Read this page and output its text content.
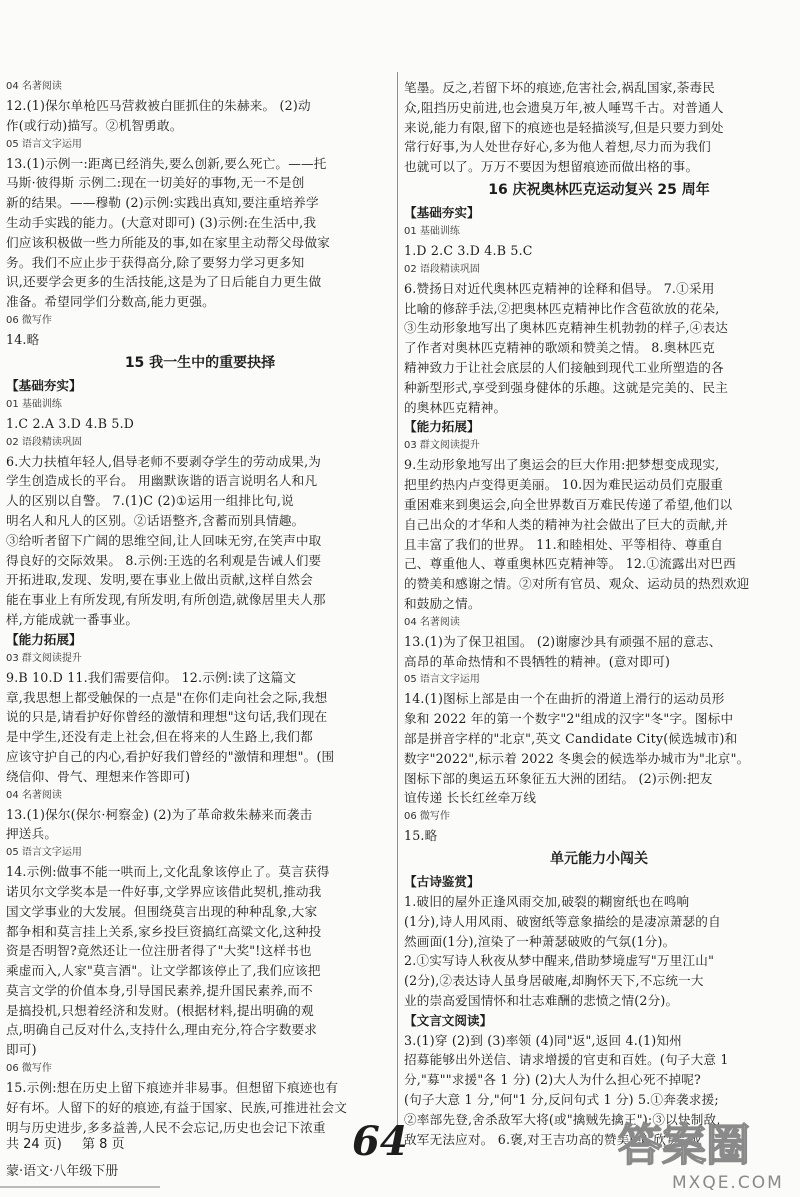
04 名著阅读
12.(1)保尔单枪匹马营救被白匪抓住的朱赫来。 (2)动
作(或行动)描写。②机智勇敢。
05 语言文字运用
13.(1)示例一:距离已经消失,要么创新,要么死亡。——托
马斯·彼得斯 示例二:现在一切美好的事物,无一不是创
新的结果。——穆勒 (2)示例:实践出真知,要注重培养学
生动手实践的能力。(大意对即可) (3)示例:在生活中,我
们应该积极做一些力所能及的事,如在家里主动帮父母做家
务。我们不应止步于获得高分,除了要努力学习更多知
识,还要学会更多的生活技能,这是为了日后能自力更生做
准备。希望同学们分数高,能力更强。
06 微写作
14.略
15 我一生中的重要抉择
【基础夯实】
01 基础训练
1.C 2.A 3.D 4.B 5.D
02 语段精读巩固
6.大力扶植年轻人,倡导老师不要剥夺学生的劳动成果,为
学生创造成长的平台。 用幽默诙谐的语言说明名人和凡
人的区别以自警。 7.(1)C (2)①运用一组排比句,说
明名人和凡人的区别。②话语整齐,含蓄而别具情趣。
③给听者留下广阔的思维空间,让人回味无穷,在笑声中取
得良好的交际效果。 8.示例:王选的名利观是告诫人们要
开拓进取,发现、发明,要在事业上做出贡献,这样自然会
能在事业上有所发现,有所发明,有所创造,就像居里夫人那
样,方能成就一番事业。
【能力拓展】
03 群文阅读提升
9.B 10.D 11.我们需要信仰。 12.示例:读了这篇文
章,我思想上都受触保的一点是"在你们走向社会之际,我想
说的只是,请看护好你曾经的激情和理想"这句话,我们现在
是中学生,还没有走上社会,但在将来的人生路上,我们都
应该守护自己的内心,看护好我们曾经的"激情和理想"。(围
绕信仰、骨气、理想来作答即可)
04 名著阅读
13.(1)保尔(保尔·柯察金) (2)为了革命救朱赫来而袭击
押送兵。
05 语言文字运用
14.示例:做事不能一哄而上,文化乱象该停止了。莫言获得
诺贝尔文学奖本是一件好事,文学界应该借此契机,推动我
国文学事业的大发展。但围绕莫言出现的种种乱象,大家
都争相和莫言挂上关系,家乡投巨资搞红高粱文化,这种投
资是否明智?竟然还让一位注册者得了"大奖"!这样书也
乘虚而入,人家"莫言酒"。让文学都该停止了,我们应该把
莫言文学的价值本身,引导国民素养,提升国民素养,而不
是搞投机,只想着经济和发财。(根据材料,提出明确的观
点,明确自己反对什么,支持什么,理由充分,符合字数要求
即可)
06 微写作
15.示例:想在历史上留下痕迹并非易事。但想留下痕迹也有
好有坏。人留下的好的痕迹,有益于国家、民族,可推进社会文
明与历史进步,多多益善,人民不会忘记,历史也会记下浓重
笔墨。反之,若留下坏的痕迹,危害社会,祸乱国家,荼毒民
众,阻挡历史前进,也会遗臭万年,被人唾骂千古。对普通人
来说,能力有限,留下的痕迹也是轻描淡写,但是只要力到处
常行好事,为人处世存好心,多为他人着想,尽力而为我们
也就可以了。万万不要因为想留痕迹而做出格的事。
16 庆祝奥林匹克运动复兴 25 周年
【基础夯实】
01 基础训练
1.D 2.C 3.D 4.B 5.C
02 语段精读巩固
6.赞扬日对近代奥林匹克精神的诠释和倡导。 7.①采用
比喻的修辞手法,②把奥林匹克精神比作含苞欲放的花朵,
③生动形象地写出了奥林匹克精神生机勃勃的样子,④表达
了作者对奥林匹克精神的歌颂和赞美之情。 8.奥林匹克
精神致力于让社会底层的人们接触到现代工业所塑造的各
种新型形式,享受到强身健体的乐趣。这就是完美的、民主
的奥林匹克精神。
【能力拓展】
03 群文阅读提升
9.生动形象地写出了奥运会的巨大作用:把梦想变成现实,
把里约热内卢变得更美丽。 10.因为难民运动员们克服重
重困难来到奥运会,向全世界数百万难民传递了希望,他们以
自己出众的才华和人类的精神为社会做出了巨大的贡献,并
且丰富了我们的世界。 11.和睦相处、平等相待、尊重自
己、尊重他人、尊重奥林匹克精神等。 12.①流露出对巴西
的赞美和感谢之情。②对所有官员、观众、运动员的热烈欢迎
和鼓励之情。
04 名著阅读
13.(1)为了保卫祖国。 (2)谢廖沙具有顽强不屈的意志、
高昂的革命热情和不畏牺牲的精神。(意对即可)
05 语言文字运用
14.(1)图标上部是由一个在曲折的滑道上滑行的运动员形
象和 2022 年的第一个数字"2"组成的汉字"冬"字。图标中
部是拼音字样的"北京",英文 Candidate City(候选城市)和
数字"2022",标示着 2022 冬奥会的候选举办城市为"北京"。
图标下部的奥运五环象征五大洲的团结。 (2)示例:把友
谊传递 长长红丝牵万线
06 微写作
15.略
单元能力小闯关
【古诗鉴赏】
1.破旧的屋外正逢风雨交加,破裂的糊窗纸也在鸣响
(1分),诗人用风雨、破窗纸等意象描绘的是凄凉萧瑟的自
然画面(1分),渲染了一种萧瑟破败的气氛(1分)。
2.①实写诗人秋夜从梦中醒来,借助梦境虚写"万里江山"
(2分),②表达诗人虽身居破庵,却胸怀天下,不忘统一大
业的崇高爱国情怀和壮志难酬的悲愤之情(2分)。
【文言文阅读】
3.(1)穿 (2)到 (3)率领 (4)同"返",返回 4.(1)知州
招募能够出外送信、请求增援的官吏和百姓。(句子大意 1
分,"募""求援"各 1 分) (2)大人为什么担心死不掉呢?
(句子大意 1 分,"何"1 分,反问句式 1 分) 5.①奔袭求援;
②率部先登,舍杀敌军大将(或"擒贼先擒王");③以快制敌,
敌军无法应对。 6.褒,对王吉功高的赞美(或"欣赏",或
共 24 页) 第 8 页
蒙·语文·八年级下册
64	答案圈
MXQE.COM
